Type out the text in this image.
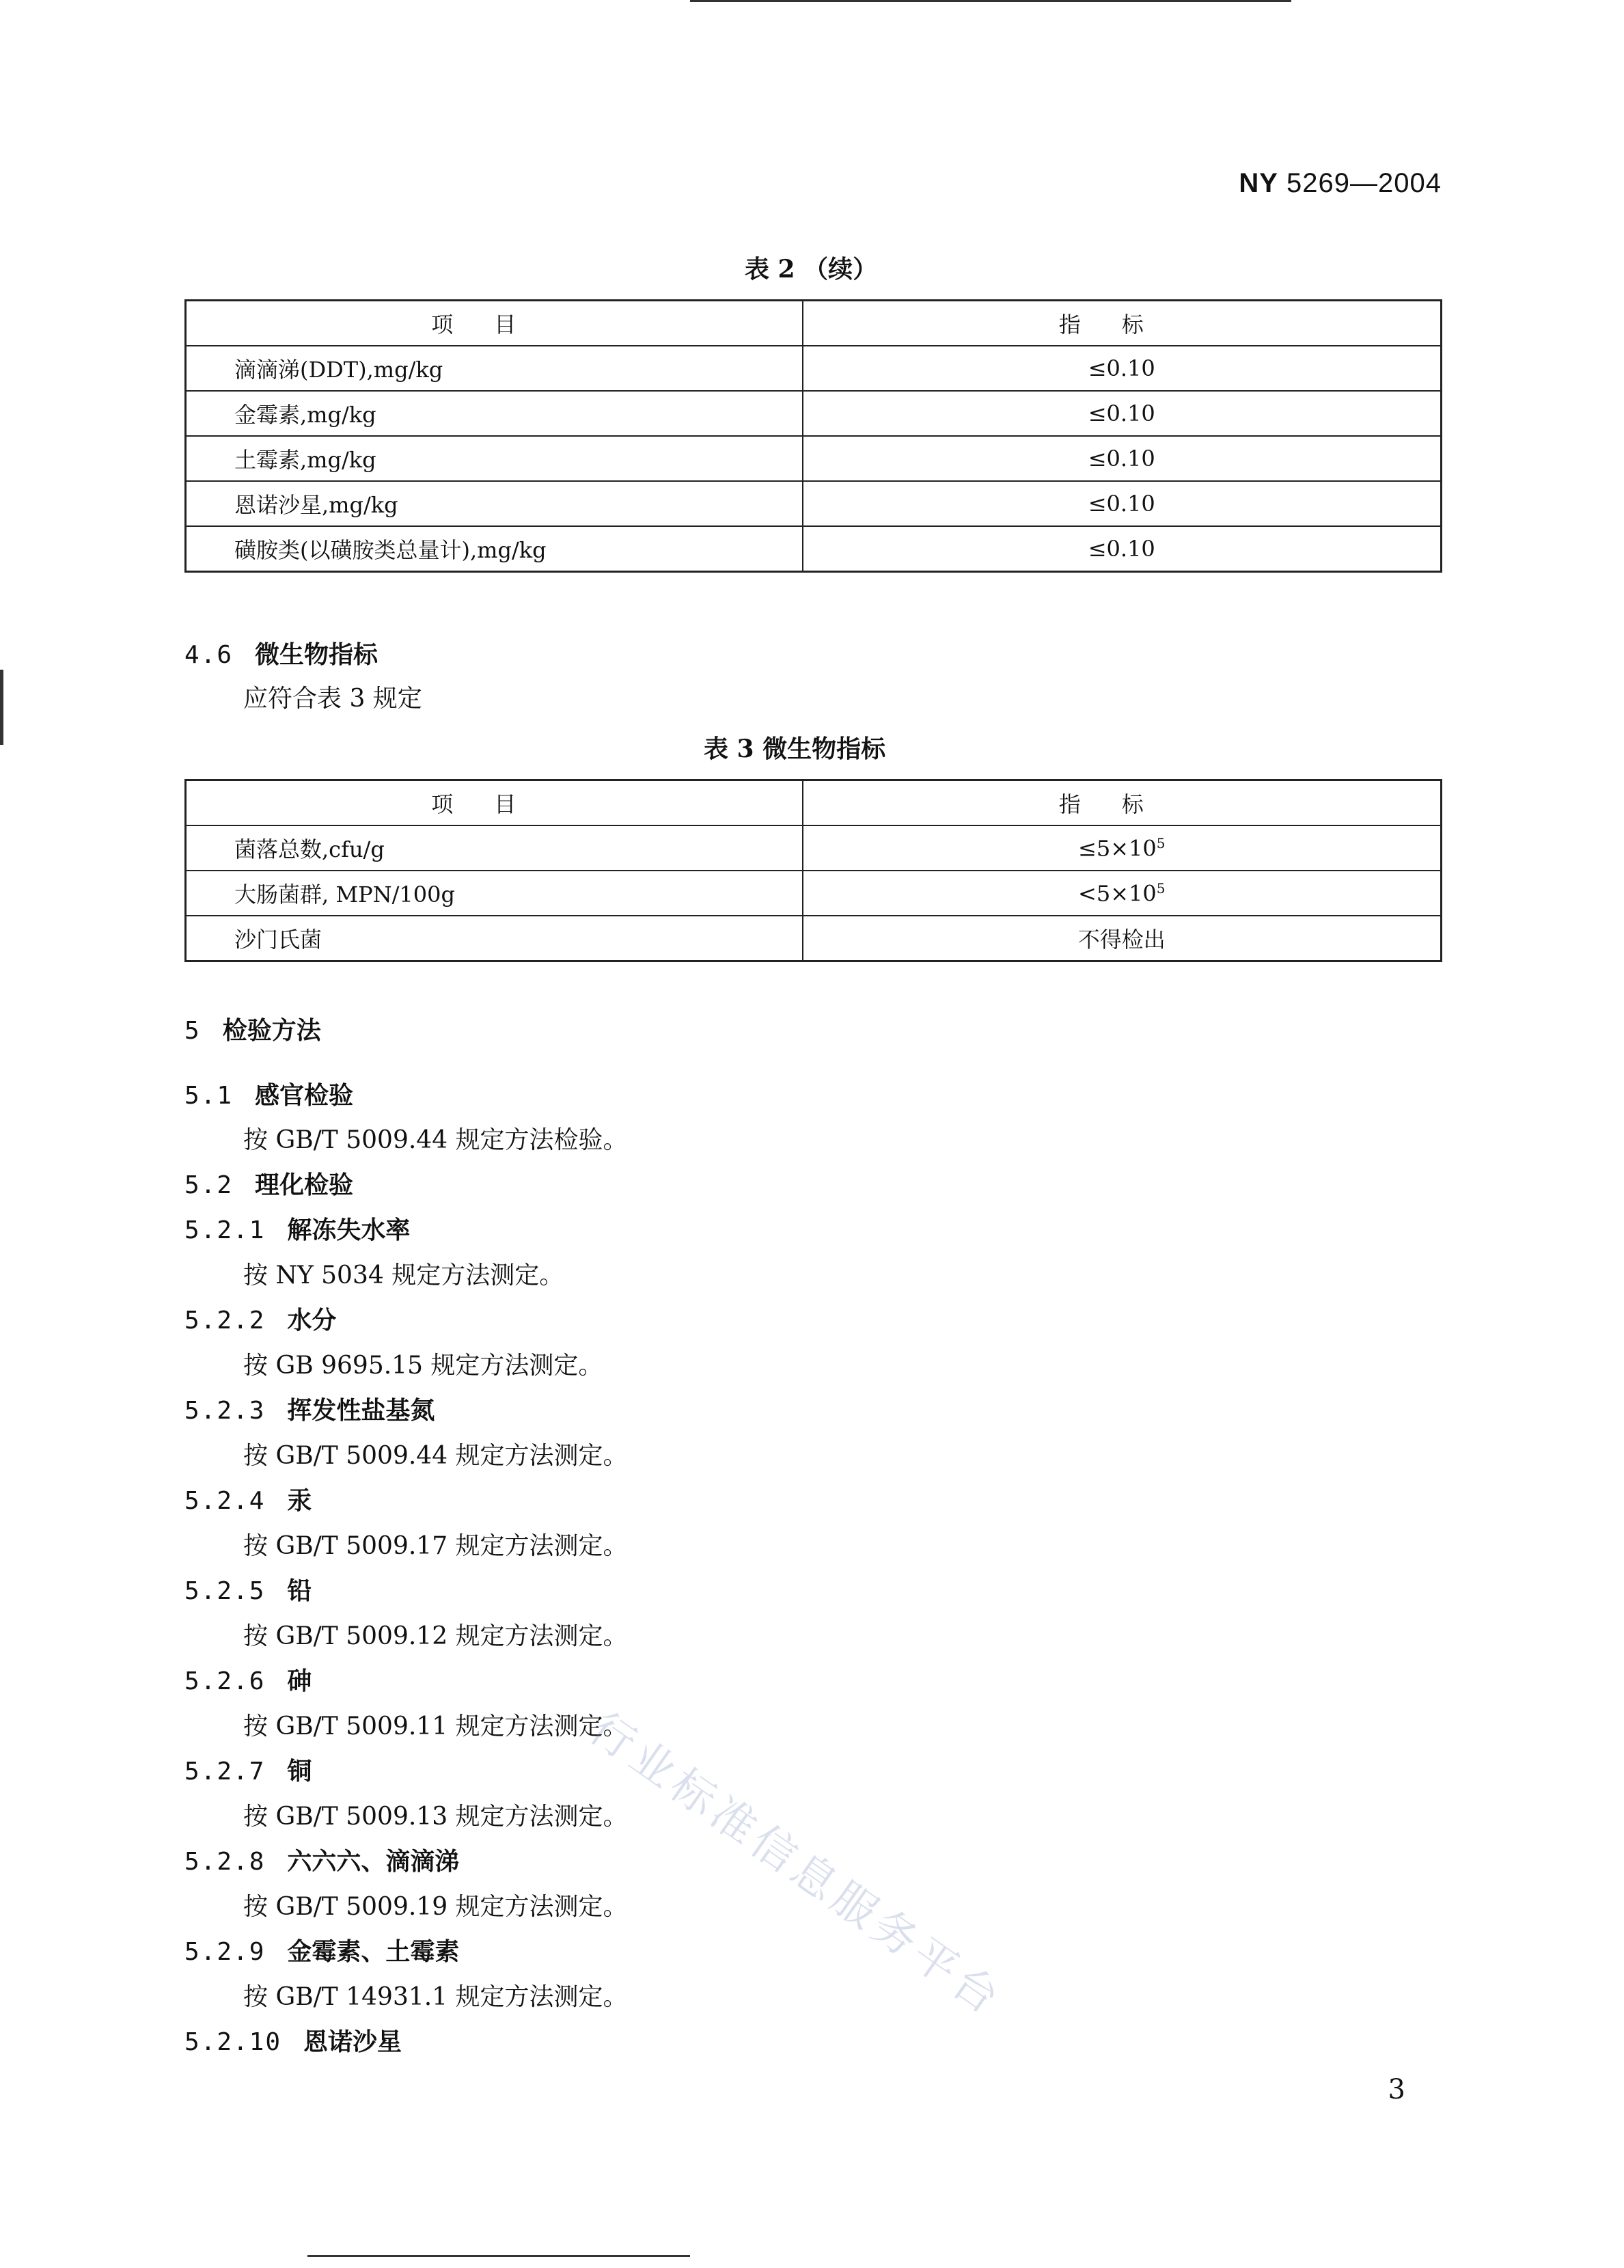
NY 5269—2004
表 2 （续）
项目	指标
滴滴涕(DDT),mg/kg	≤0.10
金霉素,mg/kg	≤0.10
土霉素,mg/kg	≤0.10
恩诺沙星,mg/kg	≤0.10
磺胺类(以磺胺类总量计),mg/kg	≤0.10
4.6 微生物指标
应符合表 3 规定
表 3 微生物指标
项目	指标
菌落总数,cfu/g	$\le 5\times 10^5$
大肠菌群, MPN/100g	$<5\times 10^5$
沙门氏菌	不得检出
5 检验方法
5.1 感官检验
按 GB/T 5009.44 规定方法检验。
5.2 理化检验
5.2.1 解冻失水率
按 NY 5034 规定方法测定。
5.2.2 水分
按 GB 9695.15 规定方法测定。
5.2.3 挥发性盐基氮
按 GB/T 5009.44 规定方法测定。
5.2.4 汞
按 GB/T 5009.17 规定方法测定。
5.2.5 铅
按 GB/T 5009.12 规定方法测定。
5.2.6 砷
按 GB/T 5009.11 规定方法测定。
5.2.7 铜
按 GB/T 5009.13 规定方法测定。
5.2.8 六六六、滴滴涕
按 GB/T 5009.19 规定方法测定。
5.2.9 金霉素、土霉素
按 GB/T 14931.1 规定方法测定。
5.2.10 恩诺沙星
3
行业标准信息服务平台
